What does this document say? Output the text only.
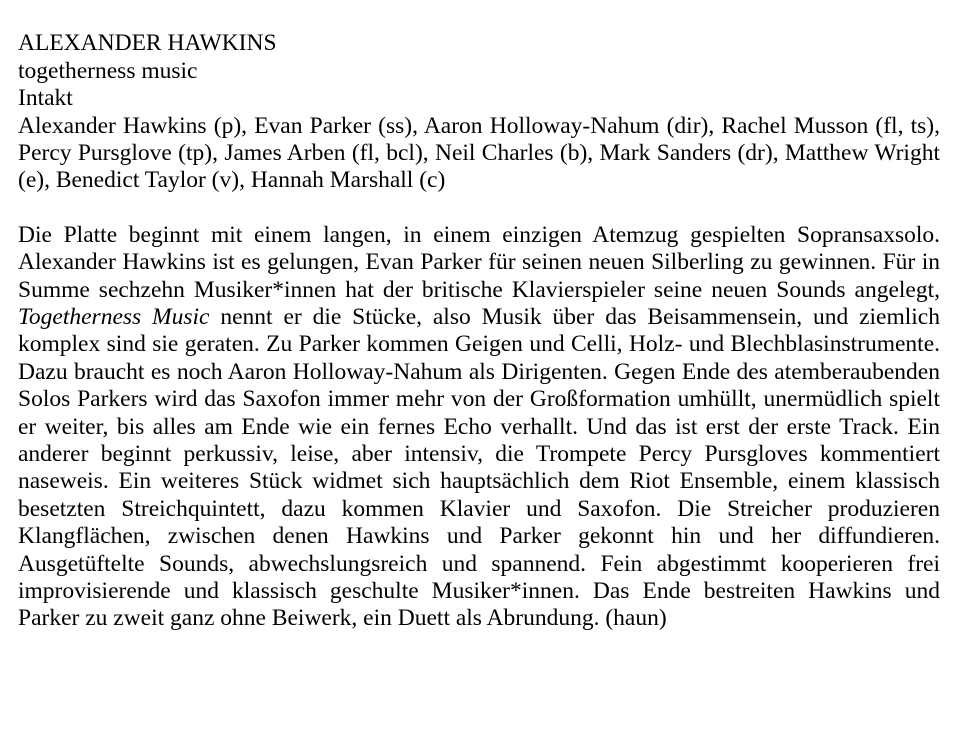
ALEXANDER HAWKINS
togetherness music
Intakt

Alexander Hawkins (p), Evan Parker (ss), Aaron Holloway-Nahum (dir), Rachel Musson (fl, ts), Percy Pursglove (tp), James Arben (fl, bcl), Neil Charles (b), Mark Sanders (dr), Matthew Wright (e), Benedict Taylor (v), Hannah Marshall (c)

Die Platte beginnt mit einem langen, in einem einzigen Atemzug gespielten Sopransaxsolo. Alexander Hawkins ist es gelungen, Evan Parker für seinen neuen Silberling zu gewinnen. Für in Summe sechzehn Musiker*innen hat der britische Klavierspieler seine neuen Sounds angelegt, Togetherness Music nennt er die Stücke, also Musik über das Beisammensein, und ziemlich komplex sind sie geraten. Zu Parker kommen Geigen und Celli, Holz- und Blechblasinstrumente. Dazu braucht es noch Aaron Holloway-Nahum als Dirigenten. Gegen Ende des atemberaubenden Solos Parkers wird das Saxofon immer mehr von der Großformation umhüllt, unermüdlich spielt er weiter, bis alles am Ende wie ein fernes Echo verhallt. Und das ist erst der erste Track. Ein anderer beginnt perkussiv, leise, aber intensiv, die Trompete Percy Pursgloves kommentiert naseweis. Ein weiteres Stück widmet sich hauptsächlich dem Riot Ensemble, einem klassisch besetzten Streichquintett, dazu kommen Klavier und Saxofon. Die Streicher produzieren Klangflächen, zwischen denen Hawkins und Parker gekonnt hin und her diffundieren. Ausgetüftelte Sounds, abwechslungsreich und spannend. Fein abgestimmt kooperieren frei improvisierende und klassisch geschulte Musiker*innen. Das Ende bestreiten Hawkins und Parker zu zweit ganz ohne Beiwerk, ein Duett als Abrundung. (haun)
